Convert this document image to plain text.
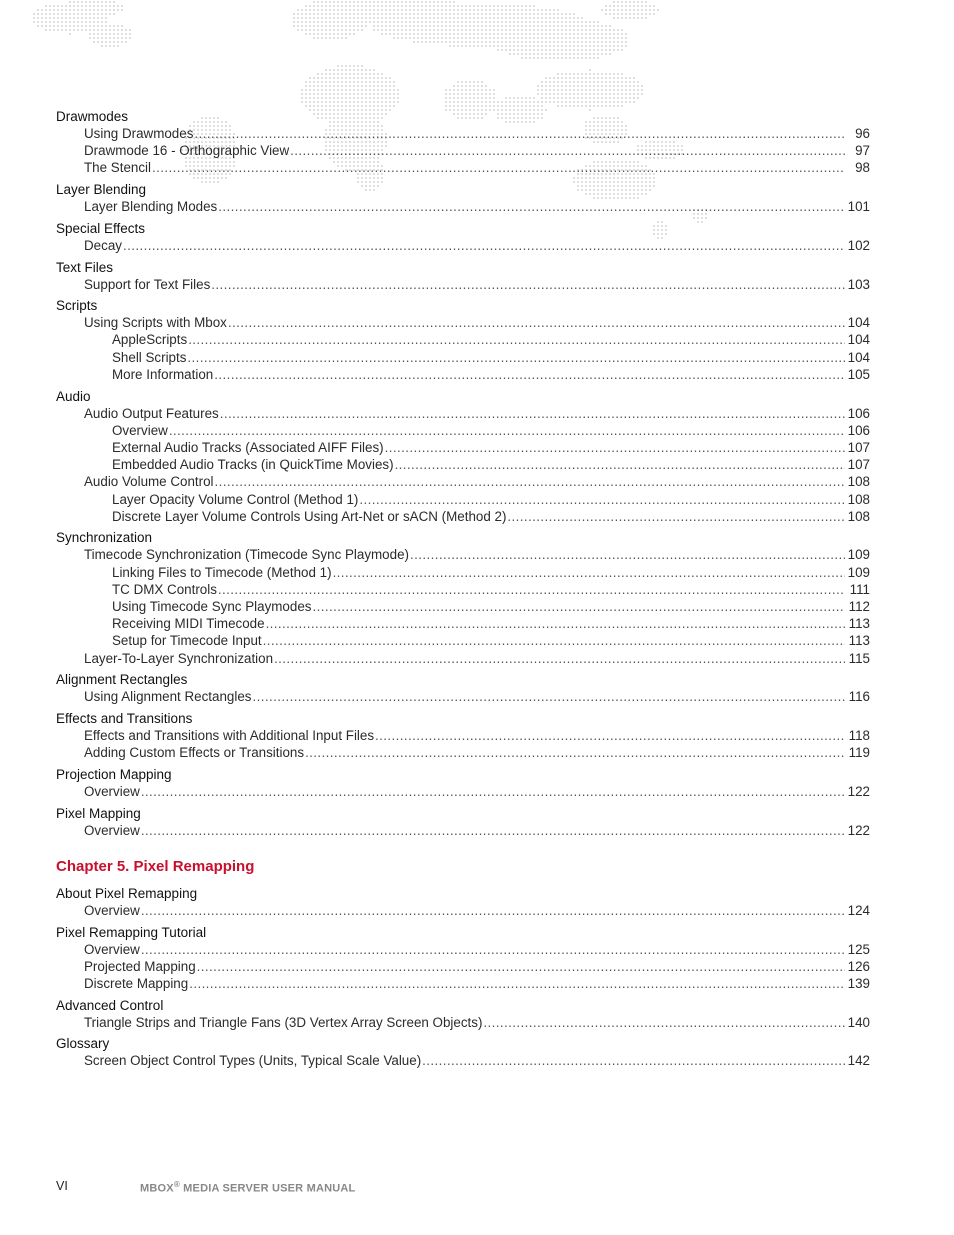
Drawmodes
Using Drawmodes .....	96
Drawmode 16 - Orthographic View .....	97
The Stencil .....	98
Layer Blending
Layer Blending Modes .....	101
Special Effects
Decay .....	102
Text Files
Support for Text Files .....	103
Scripts
Using Scripts with Mbox .....	104
AppleScripts .....	104
Shell Scripts .....	104
More Information .....	105
Audio
Audio Output Features .....	106
Overview .....	106
External Audio Tracks (Associated AIFF Files) .....	107
Embedded Audio Tracks (in QuickTime Movies) .....	107
Audio Volume Control .....	108
Layer Opacity Volume Control (Method 1) .....	108
Discrete Layer Volume Controls Using Art-Net or sACN (Method 2) .....	108
Synchronization
Timecode Synchronization (Timecode Sync Playmode) .....	109
Linking Files to Timecode (Method 1) .....	109
TC DMX Controls .....	111
Using Timecode Sync Playmodes .....	112
Receiving MIDI Timecode .....	113
Setup for Timecode Input .....	113
Layer-To-Layer Synchronization .....	115
Alignment Rectangles
Using Alignment Rectangles .....	116
Effects and Transitions
Effects and Transitions with Additional Input Files .....	118
Adding Custom Effects or Transitions .....	119
Projection Mapping
Overview .....	122
Pixel Mapping
Overview .....	122
Chapter 5. Pixel Remapping
About Pixel Remapping
Overview .....	124
Pixel Remapping Tutorial
Overview .....	125
Projected Mapping .....	126
Discrete Mapping .....	139
Advanced Control
Triangle Strips and Triangle Fans (3D Vertex Array Screen Objects) .....	140
Glossary
Screen Object Control Types (Units, Typical Scale Value) .....	142
VI	MBOX® MEDIA SERVER USER MANUAL
